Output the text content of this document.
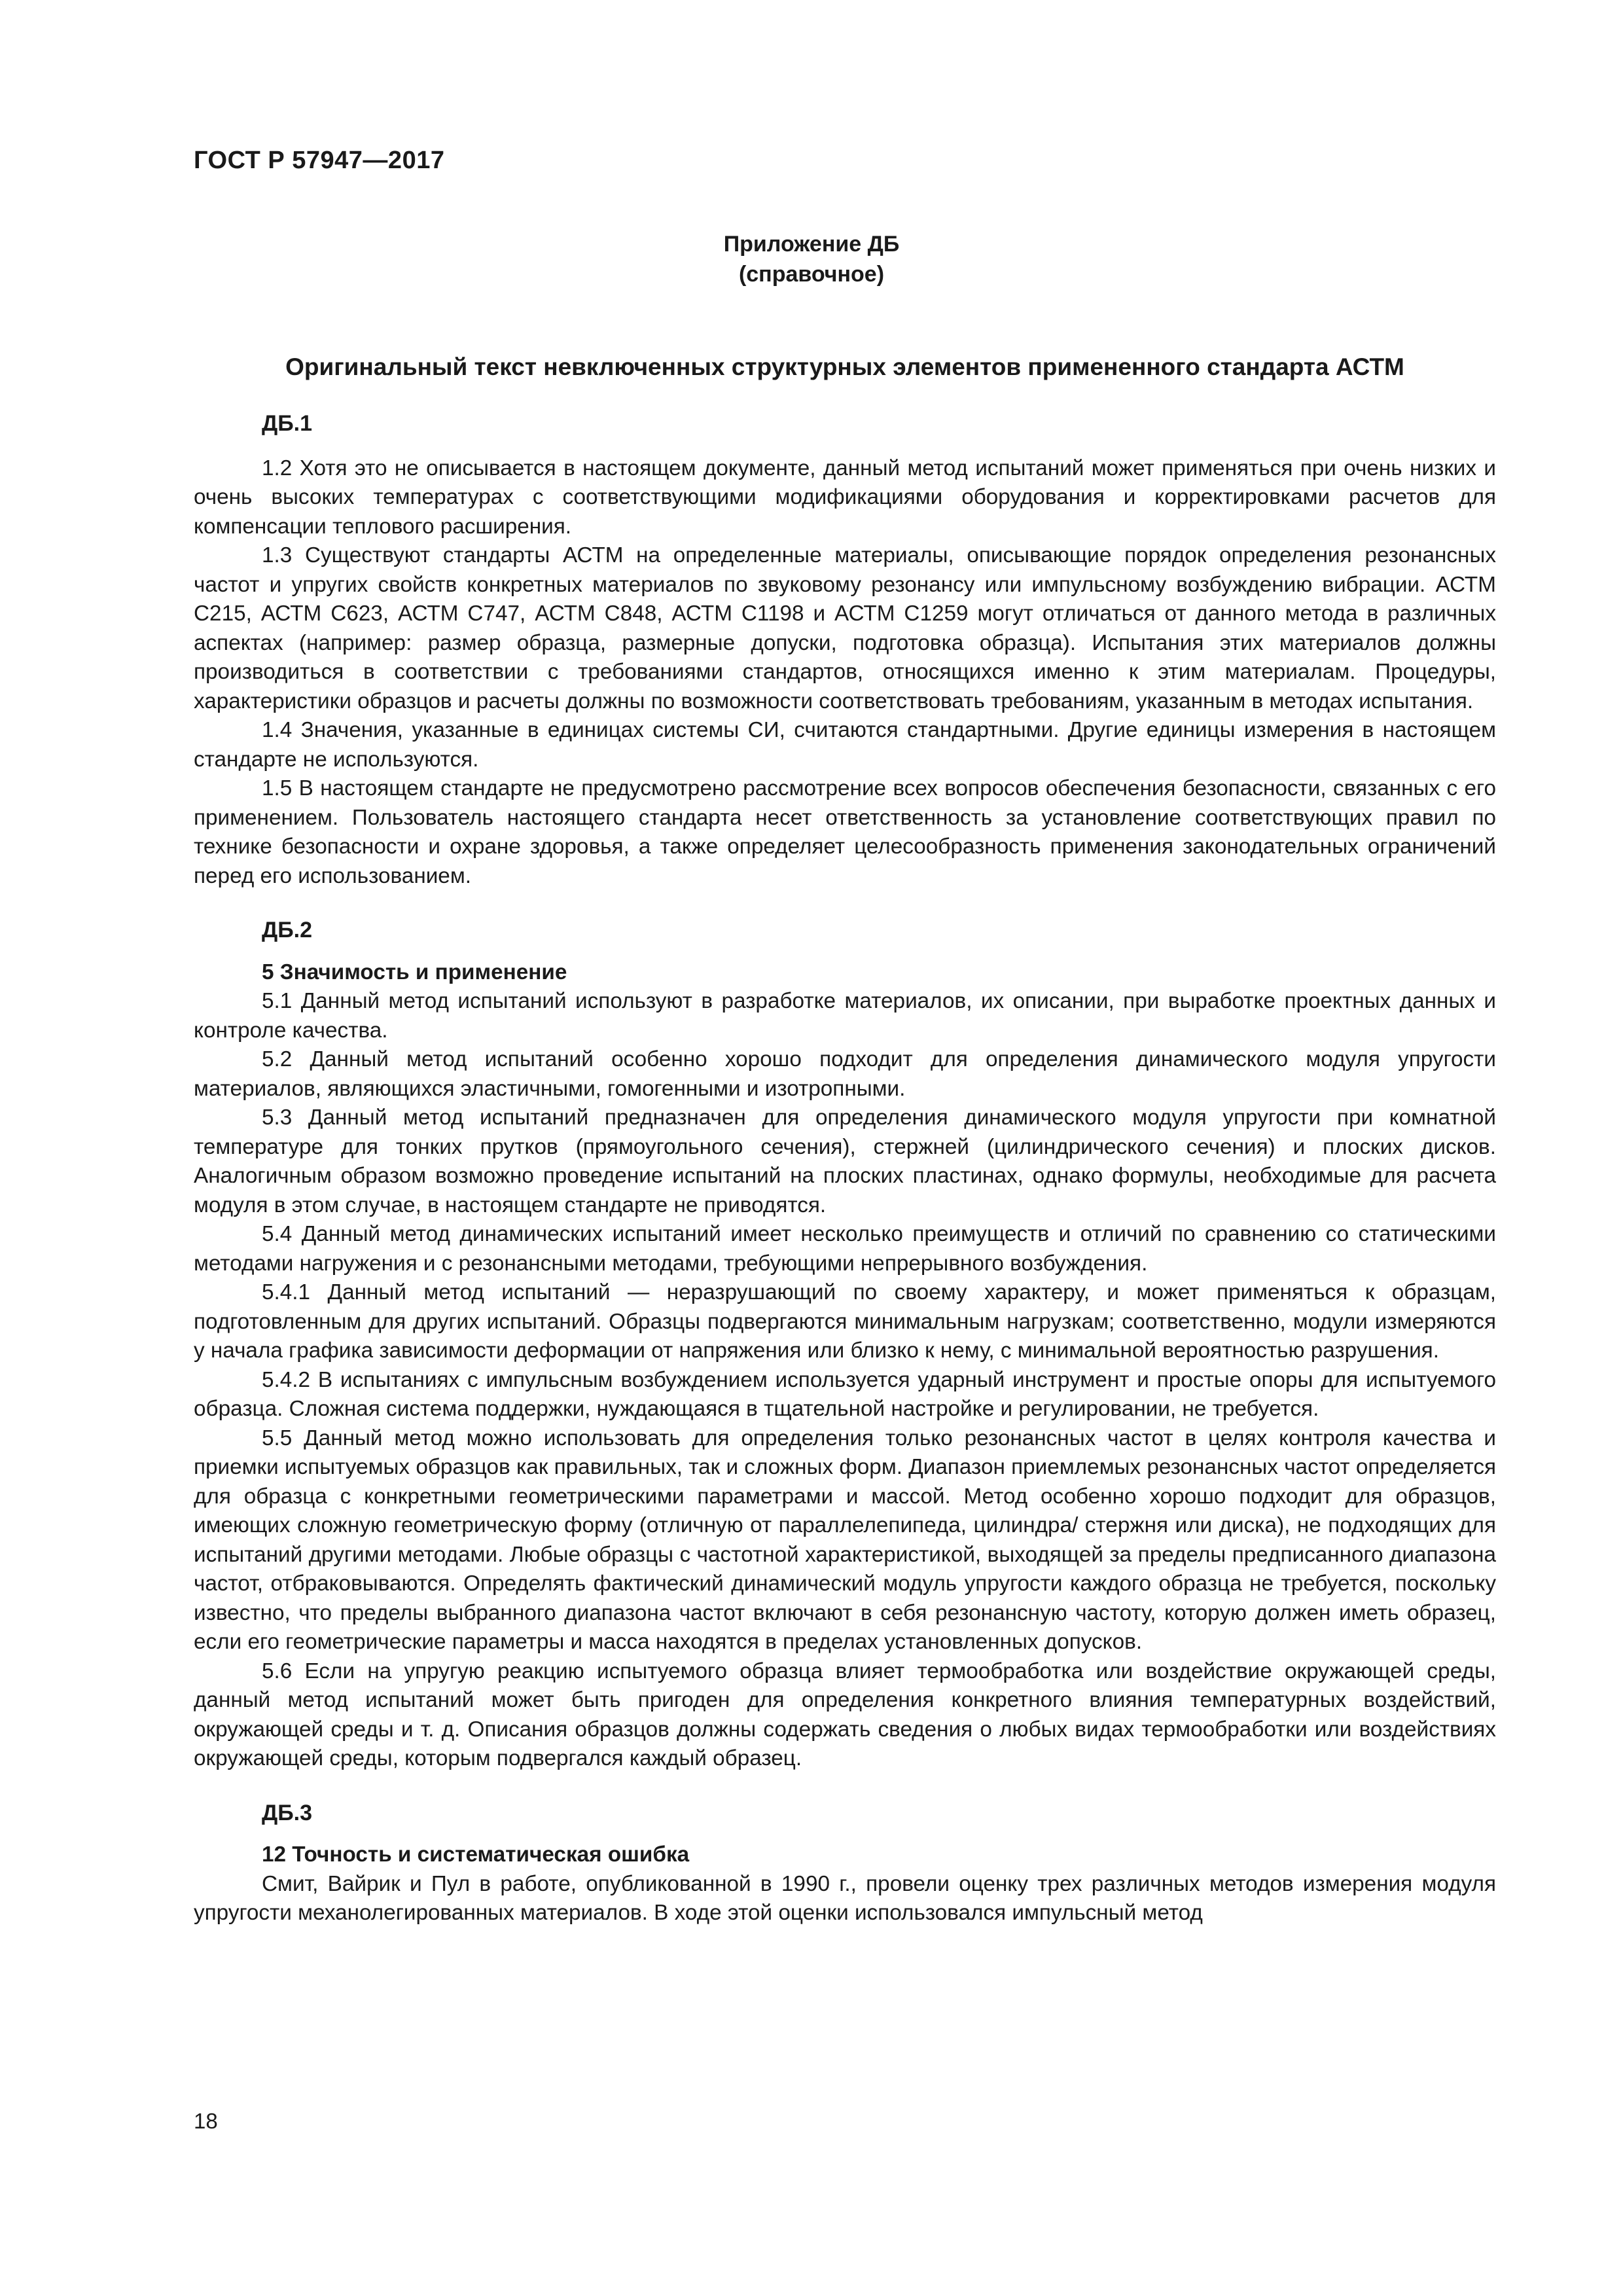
ГОСТ Р 57947—2017
Приложение ДБ
(справочное)
Оригинальный текст невключенных структурных элементов примененного стандарта АСТМ
ДБ.1

1.2 Хотя это не описывается в настоящем документе, данный метод испытаний может применяться при очень низких и очень высоких температурах с соответствующими модификациями оборудования и корректировками расчетов для компенсации теплового расширения.

1.3 Существуют стандарты АСТМ на определенные материалы, описывающие порядок определения резонансных частот и упругих свойств конкретных материалов по звуковому резонансу или импульсному возбуждению вибрации. АСТМ С215, АСТМ С623, АСТМ С747, АСТМ С848, АСТМ С1198 и АСТМ С1259 могут отличаться от данного метода в различных аспектах (например: размер образца, размерные допуски, подготовка образца). Испытания этих материалов должны производиться в соответствии с требованиями стандартов, относящихся именно к этим материалам. Процедуры, характеристики образцов и расчеты должны по возможности соответствовать требованиям, указанным в методах испытания.

1.4 Значения, указанные в единицах системы СИ, считаются стандартными. Другие единицы измерения в настоящем стандарте не используются.

1.5 В настоящем стандарте не предусмотрено рассмотрение всех вопросов обеспечения безопасности, связанных с его применением. Пользователь настоящего стандарта несет ответственность за установление соответствующих правил по технике безопасности и охране здоровья, а также определяет целесообразность применения законодательных ограничений перед его использованием.

ДБ.2
5 Значимость и применение

5.1 Данный метод испытаний используют в разработке материалов, их описании, при выработке проектных данных и контроле качества.

5.2 Данный метод испытаний особенно хорошо подходит для определения динамического модуля упругости материалов, являющихся эластичными, гомогенными и изотропными.

5.3 Данный метод испытаний предназначен для определения динамического модуля упругости при комнатной температуре для тонких прутков (прямоугольного сечения), стержней (цилиндрического сечения) и плоских дисков. Аналогичным образом возможно проведение испытаний на плоских пластинах, однако формулы, необходимые для расчета модуля в этом случае, в настоящем стандарте не приводятся.

5.4 Данный метод динамических испытаний имеет несколько преимуществ и отличий по сравнению со статическими методами нагружения и с резонансными методами, требующими непрерывного возбуждения.

5.4.1 Данный метод испытаний — неразрушающий по своему характеру, и может применяться к образцам, подготовленным для других испытаний. Образцы подвергаются минимальным нагрузкам; соответственно, модули измеряются у начала графика зависимости деформации от напряжения или близко к нему, с минимальной вероятностью разрушения.

5.4.2 В испытаниях с импульсным возбуждением используется ударный инструмент и простые опоры для испытуемого образца. Сложная система поддержки, нуждающаяся в тщательной настройке и регулировании, не требуется.

5.5 Данный метод можно использовать для определения только резонансных частот в целях контроля качества и приемки испытуемых образцов как правильных, так и сложных форм. Диапазон приемлемых резонансных частот определяется для образца с конкретными геометрическими параметрами и массой. Метод особенно хорошо подходит для образцов, имеющих сложную геометрическую форму (отличную от параллелепипеда, цилиндра/ стержня или диска), не подходящих для испытаний другими методами. Любые образцы с частотной характеристикой, выходящей за пределы предписанного диапазона частот, отбраковываются. Определять фактический динамический модуль упругости каждого образца не требуется, поскольку известно, что пределы выбранного диапазона частот включают в себя резонансную частоту, которую должен иметь образец, если его геометрические параметры и масса находятся в пределах установленных допусков.

5.6 Если на упругую реакцию испытуемого образца влияет термообработка или воздействие окружающей среды, данный метод испытаний может быть пригоден для определения конкретного влияния температурных воздействий, окружающей среды и т. д. Описания образцов должны содержать сведения о любых видах термообработки или воздействиях окружающей среды, которым подвергался каждый образец.

ДБ.3
12 Точность и систематическая ошибка

Смит, Вайрик и Пул в работе, опубликованной в 1990 г., провели оценку трех различных методов измерения модуля упругости механолегированных материалов. В ходе этой оценки использовался импульсный метод

18
